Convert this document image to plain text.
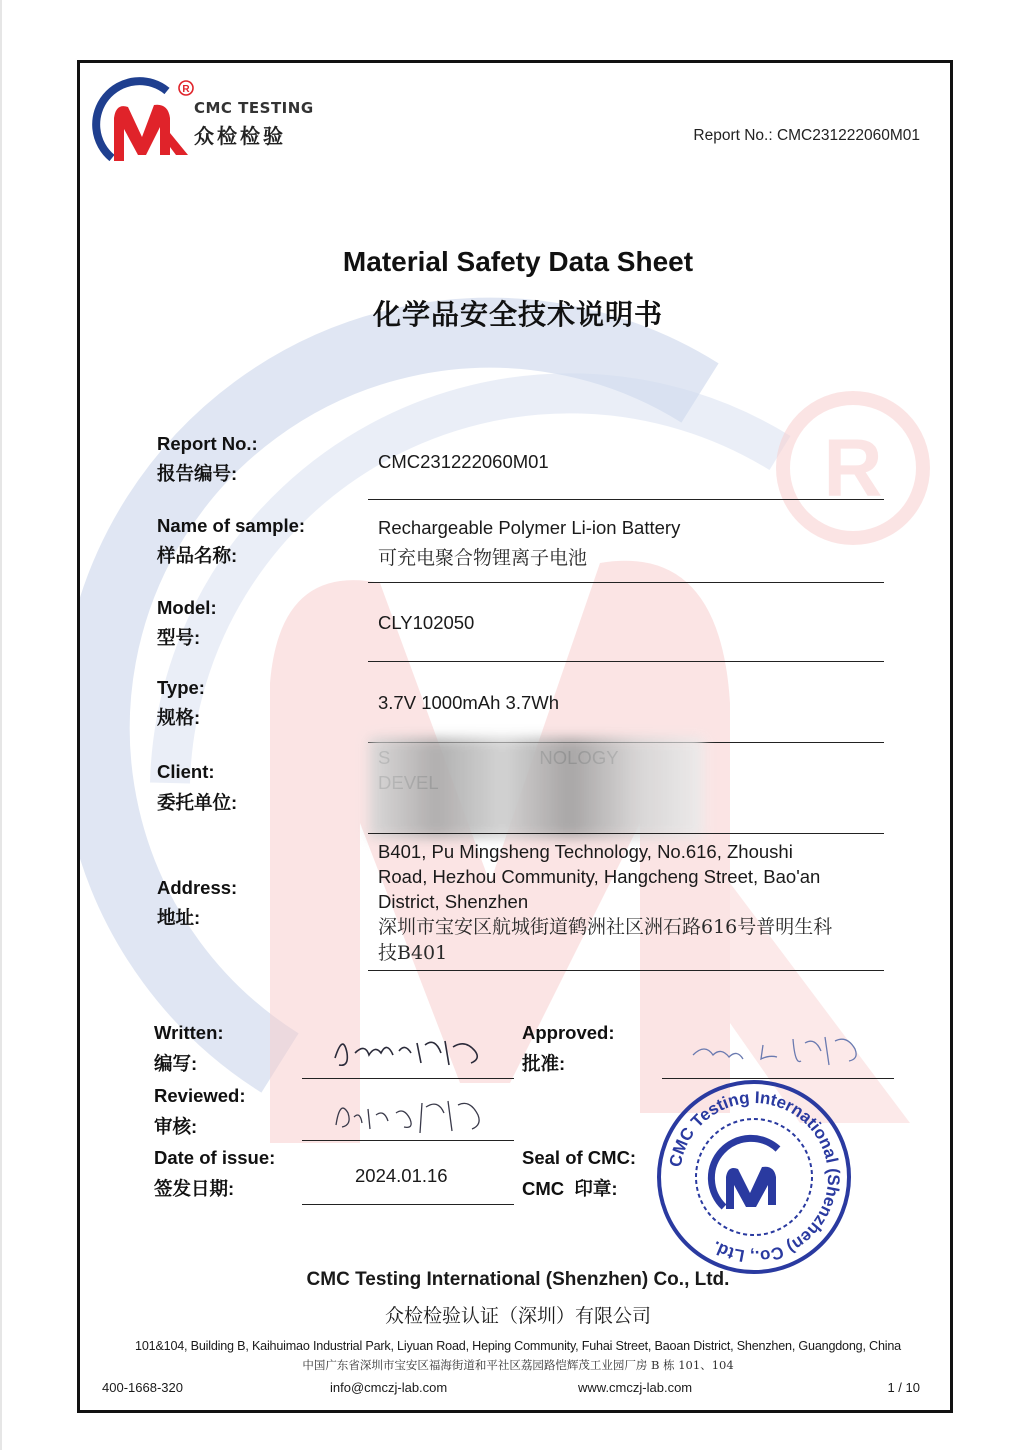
R
R
CMC TESTING
众检检验	Report No.: CMC231222060M01
Material Safety Data Sheet
化学品安全技术说明书
Report No.:
报告编号:
CMC231222060M01
Name of sample:
样品名称:
Rechargeable Polymer Li-ion Battery
可充电聚合物锂离子电池
Model:
型号:
CLY102050
Type:
规格:
3.7V 1000mAh 3.7Wh
Client:
委托单位:
Address:
地址:
B401, Pu Mingsheng Technology, No.616, Zhoushi
Road, Hezhou Community, Hangcheng Street, Bao'an
District, Shenzhen
深圳市宝安区航城街道鹤洲社区洲石路616号普明生科
技B401
Written:
编写:
Approved:
批准:
Reviewed:
审核:
Date of issue:
签发日期:
2024.01.16
Seal of CMC:
CMC  印章:
CMC Testing International (Shenzhen) Co., Ltd.
CMC Testing International (Shenzhen) Co., Ltd.
众检检验认证（深圳）有限公司
101&104, Building B, Kaihuimao Industrial Park, Liyuan Road, Heping Community, Fuhai Street, Baoan District, Shenzhen, Guangdong, China
中国广东省深圳市宝安区福海街道和平社区荔园路恺辉茂工业园厂房 B 栋 101、104
400-1668-320	info@cmczj-lab.com	www.cmczj-lab.com	1 / 10
